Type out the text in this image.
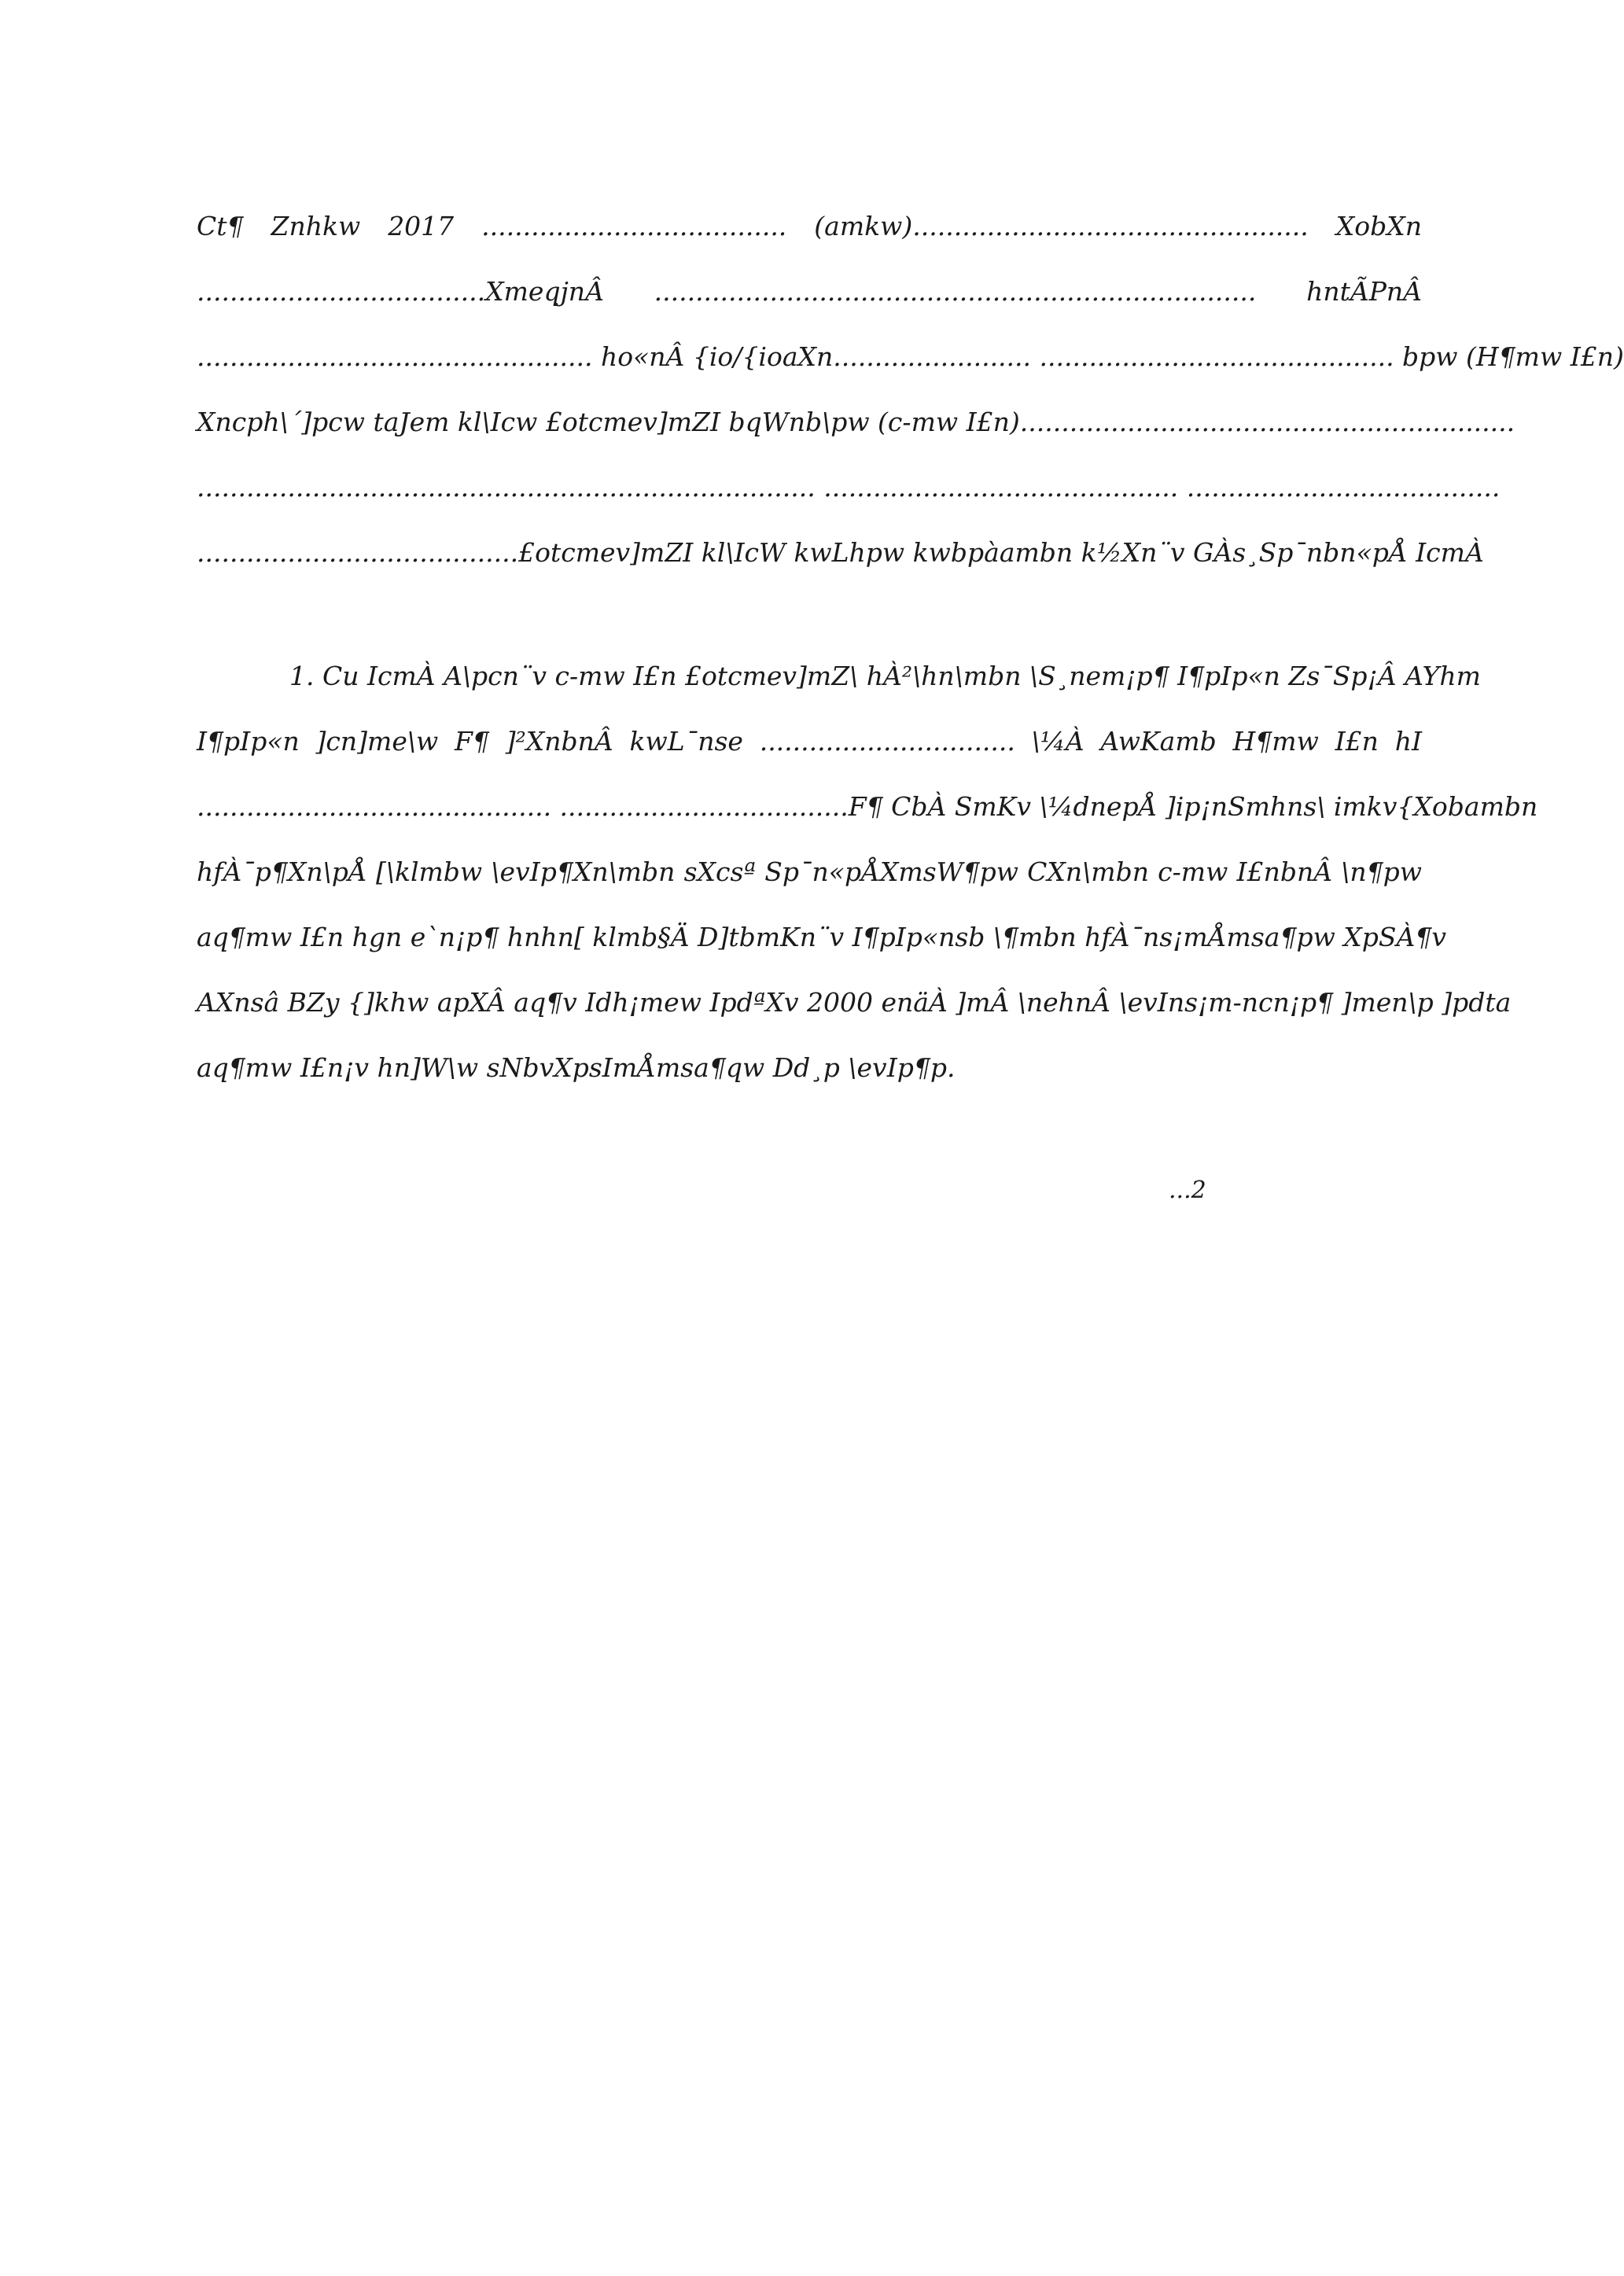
Ct¶ Znhkw 2017 ..................................... (amkw)................................................ XobXn
...................................XmeqjnÂ ......................................................................... hntÃPnÂ
................................................ ho«nÂ {io/{ioaXn........................ ........................................... bpw (H¶mw I£n)
Xncph\´]pcw taJem kl\Icw £otcmev]mZI bqWnb\pw (c-mw I£n)............................................................
........................................................................... ........................................... ......................................
.......................................£otcmev]mZI kl\IcW kwLhpw kwbpàambn k½Xn¨v GÀs¸Sp¯nbn«pÅ IcmÀ
1. Cu IcmÀ A\pcn¨v c-mw I£n £otcmev]mZ\ hÀ²\hn\mbn \S¸nem¡p¶ I¶pIp«n Zs¯Sp¡Â AYhm
I¶pIp«n ]cn]me\w F¶ ]²XnbnÂ kwL¯nse ............................... \¼À AwKamb H¶mw I£n hI
........................................... ...................................F¶ CbÀ SmKv \¼dnepÅ ]ip¡nSmhns\ imkv{Xobambn
hfÀ¯p¶Xn\pÅ [\klmbw \evIp¶Xn\mbn sXcsª Sp¯n«pÅXmsW¶pw CXn\mbn c-mw I£nbnÂ \n¶pw
aq¶mw I£n hgn e`n¡p¶ hnhn[ klmb§Ä D]tbmKn¨v I¶pIp«nsb \¶mbn hfÀ¯ns¡mÅmsa¶pw XpSÀ¶v
AXnsâ BZy {]khw apXÂ aq¶v Idh¡mew IpdªXv 2000 enäÀ ]mÂ \nehnÂ \evIns¡m-ncn¡p¶ ]men\p ]pdta
aq¶mw I£n¡v hn]W\w sNbvXpsImÅmsa¶qw Dd¸p \evIp¶p.
...2
